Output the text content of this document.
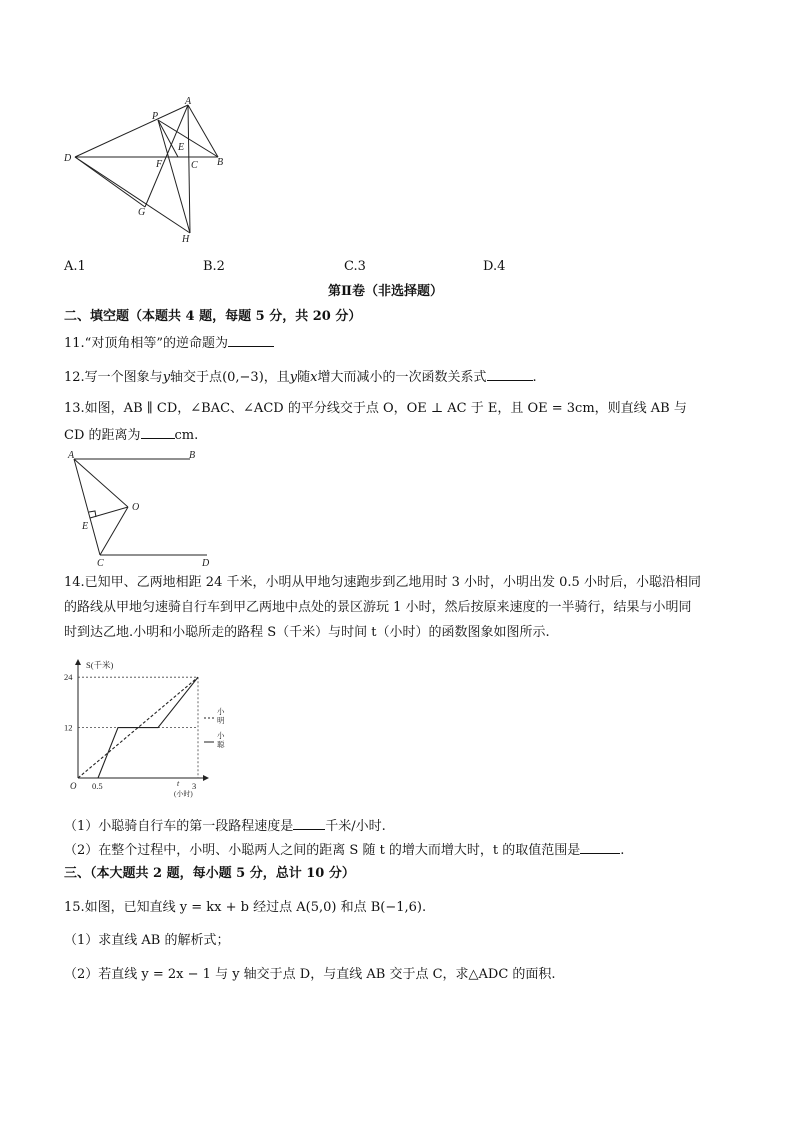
A
P
E
D
F	C B
G
H
A.1	B.2	C.3	D.4
第Ⅱ卷（非选择题）
二、填空题（本题共 4 题，每题 5 分，共 20 分）
11.“对顶角相等”的逆命题为
12.写一个图象与y轴交于点(0,−3)，且y随x增大而减小的一次函数关系式	.
13.如图，AB ∥ CD，∠BAC、∠ACD 的平分线交于点 O，OE ⊥ AC 于 E，且 OE = 3cm，则直线 AB 与
CD 的距离为	cm.
A	B
O
E
C	D
14.已知甲、乙两地相距 24 千米，小明从甲地匀速跑步到乙地用时 3 小时，小明出发 0.5 小时后，小聪沿相同
的路线从甲地匀速骑自行车到甲乙两地中点处的景区游玩 1 小时，然后按原来速度的一半骑行，结果与小明同
时到达乙地.小明和小聪所走的路程 S（千米）与时间 t（小时）的函数图象如图所示.
12
24
0.5	3
小
明
小
聪
S(千米)
O	t
(小时)
（1）小聪骑自行车的第一段路程速度是 千米/小时.
（2）在整个过程中，小明、小聪两人之间的距离 S 随 t 的增大而增大时，t 的取值范围是	.
三、（本大题共 2 题，每小题 5 分，总计 10 分）
15.如图，已知直线 y = kx + b 经过点 A(5,0) 和点 B(−1,6).
（1）求直线 AB 的解析式；
（2）若直线 y = 2x − 1 与 y 轴交于点 D，与直线 AB 交于点 C，求△ADC 的面积.
